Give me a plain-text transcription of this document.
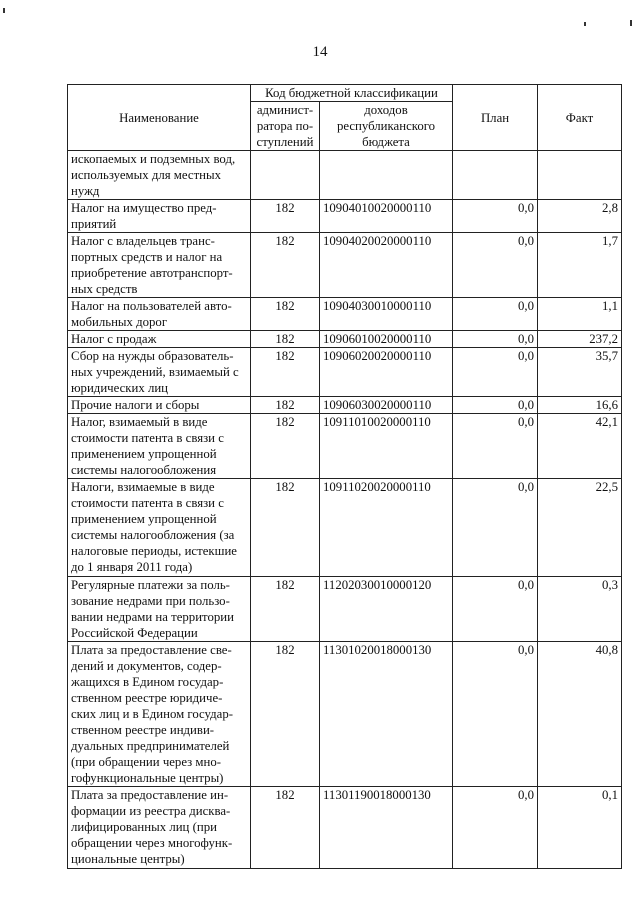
14
Наименование	Код бюджетной классификации		План	Факт
	админист-ратора по-ступлений	доходов республиканского бюджета		
ископаемых и подземных вод, используемых для местных нужд				
Налог на имущество пред-приятий	182	10904010020000110	0,0	2,8
Налог с владельцев транс-портных средств и налог на приобретение автотранспорт-ных средств	182	10904020020000110	0,0	1,7
Налог на пользователей авто-мобильных дорог	182	10904030010000110	0,0	1,1
Налог с продаж	182	10906010020000110	0,0	237,2
Сбор на нужды образователь-ных учреждений, взимаемый с юридических лиц	182	10906020020000110	0,0	35,7
Прочие налоги и сборы	182	10906030020000110	0,0	16,6
Налог, взимаемый в виде стоимости патента в связи с применением упрощенной системы налогообложения	182	10911010020000110	0,0	42,1
Налоги, взимаемые в виде стоимости патента в связи с применением упрощенной системы налогообложения (за налоговые периоды, истекшие до 1 января 2011 года)	182	10911020020000110	0,0	22,5
Регулярные платежи за поль-зование недрами при пользо-вании недрами на территории Российской Федерации	182	11202030010000120	0,0	0,3
Плата за предоставление све-дений и документов, содер-жащихся в Едином государ-ственном реестре юридиче-ских лиц и в Едином государ-ственном реестре индиви-дуальных предпринимателей (при обращении через мно-гофункциональные центры)	182	11301020018000130	0,0	40,8
Плата за предоставление ин-формации из реестра дисква-лифицированных лиц (при обращении через многофунк-циональные центры)	182	11301190018000130	0,0	0,1
